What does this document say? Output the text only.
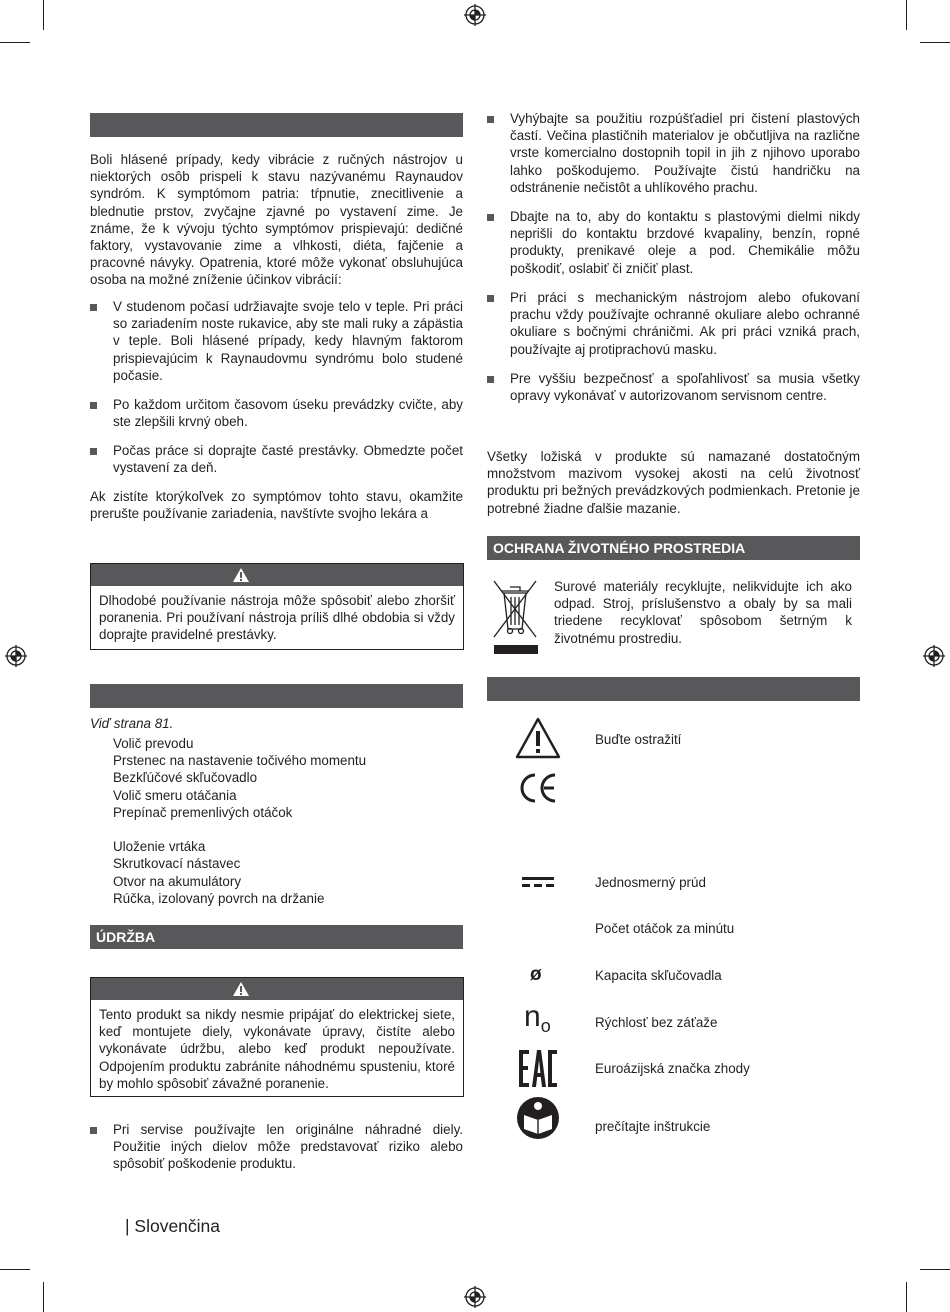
Boli hlásené prípady, kedy vibrácie z ručných nástrojov u niektorých osôb prispeli k stavu nazývanému Raynaudov syndróm. K symptómom patria: tŕpnutie, znecitlivenie a blednutie prstov, zvyčajne zjavné po vystavení zime. Je známe, že k vývoju týchto symptómov prispievajú: dedičné faktory, vystavovanie zime a vlhkosti, diéta, fajčenie a pracovné návyky. Opatrenia, ktoré môže vykonať obsluhujúca osoba na možné zníženie účinkov vibrácií:
V studenom počasí udržiavajte svoje telo v teple. Pri práci so zariadením noste rukavice, aby ste mali ruky a zápästia v teple. Boli hlásené prípady, kedy hlavným faktorom prispievajúcim k Raynaudovmu syndrómu bolo studené počasie.
Po každom určitom časovom úseku prevádzky cvičte, aby ste zlepšili krvný obeh.
Počas práce si doprajte časté prestávky. Obmedzte počet vystavení za deň.
Ak zistíte ktorýkoľvek zo symptómov tohto stavu, okamžite prerušte používanie zariadenia, navštívte svojho lekára a
Dlhodobé používanie nástroja môže spôsobiť alebo zhoršiť poranenia. Pri používaní nástroja príliš dlhé obdobia si vždy doprajte pravidelné prestávky.
Viď strana 81.
Volič prevodu
Prstenec na nastavenie točivého momentu
Bezkľúčové skľučovadlo
Volič smeru otáčania
Prepínač premenlivých otáčok
Uloženie vrtáka
Skrutkovací nástavec
Otvor na akumulátory
Rúčka, izolovaný povrch na držanie
ÚDRŽBA
Tento produkt sa nikdy nesmie pripájať do elektrickej siete, keď montujete diely, vykonávate úpravy, čistíte alebo vykonávate údržbu, alebo keď produkt nepoužívate. Odpojením produktu zabránite náhodnému spusteniu, ktoré by mohlo spôsobiť závažné poranenie.
Pri servise používajte len originálne náhradné diely. Použitie iných dielov môže predstavovať riziko alebo spôsobiť poškodenie produktu.
| Slovenčina
Vyhýbajte sa použitiu rozpúšťadiel pri čistení plastových častí. Večina plastičnih materialov je občutljiva na različne vrste komercialno dostopnih topil in jih z njihovo uporabo lahko poškodujemo. Používajte čistú handričku na odstránenie nečistôt a uhlíkového prachu.
Dbajte na to, aby do kontaktu s plastovými dielmi nikdy neprišli do kontaktu brzdové kvapaliny, benzín, ropné produkty, prenikavé oleje a pod. Chemikálie môžu poškodiť, oslabiť či zničiť plast.
Pri práci s mechanickým nástrojom alebo ofukovaní prachu vždy používajte ochranné okuliare alebo ochranné okuliare s bočnými chráničmi. Ak pri práci vzniká prach, používajte aj protiprachovú masku.
Pre vyššiu bezpečnosť a spoľahlivosť sa musia všetky opravy vykonávať v autorizovanom servisnom centre.
Všetky ložiská v produkte sú namazané dostatočným množstvom mazivom vysokej akosti na celú životnosť produktu pri bežných prevádzkových podmienkach. Pretonie je potrebné žiadne ďalšie mazanie.
OCHRANA ŽIVOTNÉHO PROSTREDIA
Surové materiály recyklujte, nelikvidujte ich ako odpad. Stroj, príslušenstvo a obaly by sa mali triedene recyklovať spôsobom šetrným k životnému prostrediu.
Buďte ostražití
Jednosmerný prúd
Počet otáčok za minútu
ø	Kapacita skľučovadla
$n_o$	Rýchlosť bez záťaže
Euroázijská značka zhody
prečítajte inštrukcie
